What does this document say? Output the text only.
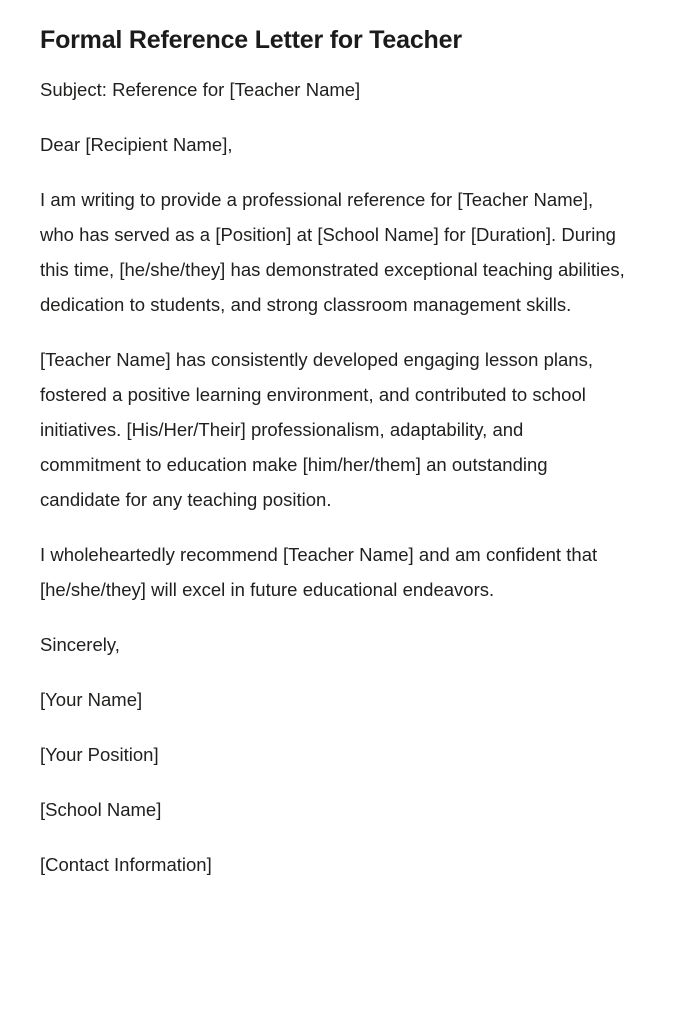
Formal Reference Letter for Teacher

Subject: Reference for [Teacher Name]

Dear [Recipient Name],

I am writing to provide a professional reference for [Teacher Name], who has served as a [Position] at [School Name] for [Duration]. During this time, [he/she/they] has demonstrated exceptional teaching abilities, dedication to students, and strong classroom management skills.

[Teacher Name] has consistently developed engaging lesson plans, fostered a positive learning environment, and contributed to school initiatives. [His/Her/Their] professionalism, adaptability, and commitment to education make [him/her/them] an outstanding candidate for any teaching position.

I wholeheartedly recommend [Teacher Name] and am confident that [he/she/they] will excel in future educational endeavors.

Sincerely,

[Your Name]

[Your Position]

[School Name]

[Contact Information]
